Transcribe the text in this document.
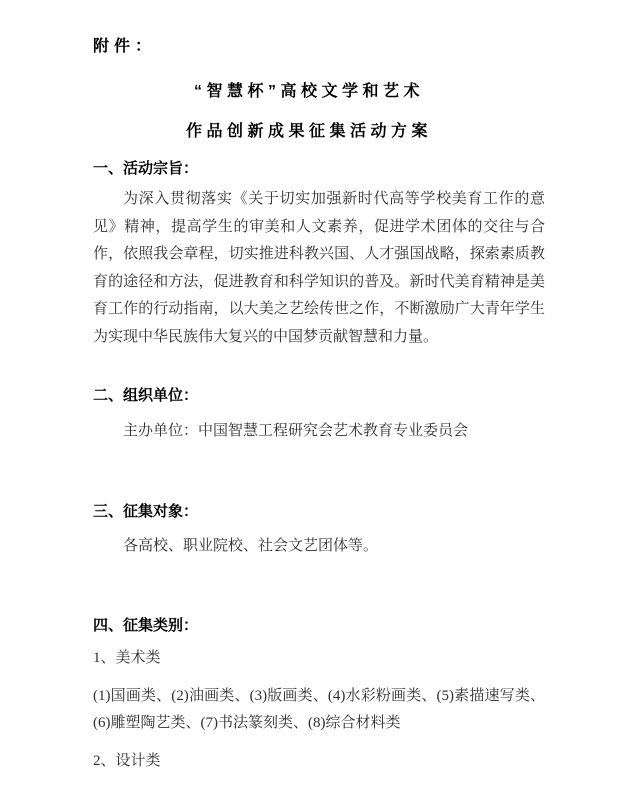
附件：
“智慧杯”高校文学和艺术
作品创新成果征集活动方案
一、活动宗旨：

为深入贯彻落实《关于切实加强新时代高等学校美育工作的意见》精神，提高学生的审美和人文素养，促进学术团体的交往与合作，依照我会章程，切实推进科教兴国、人才强国战略，探索素质教育的途径和方法，促进教育和科学知识的普及。新时代美育精神是美育工作的行动指南，以大美之艺绘传世之作，不断激励广大青年学生为实现中华民族伟大复兴的中国梦贡献智慧和力量。

二、组织单位：

主办单位：中国智慧工程研究会艺术教育专业委员会

三、征集对象：

各高校、职业院校、社会文艺团体等。

四、征集类别：

1、美术类

(1)国画类、(2)油画类、(3)版画类、(4)水彩粉画类、(5)素描速写类、(6)雕塑陶艺类、(7)书法篆刻类、(8)综合材料类

2、设计类
